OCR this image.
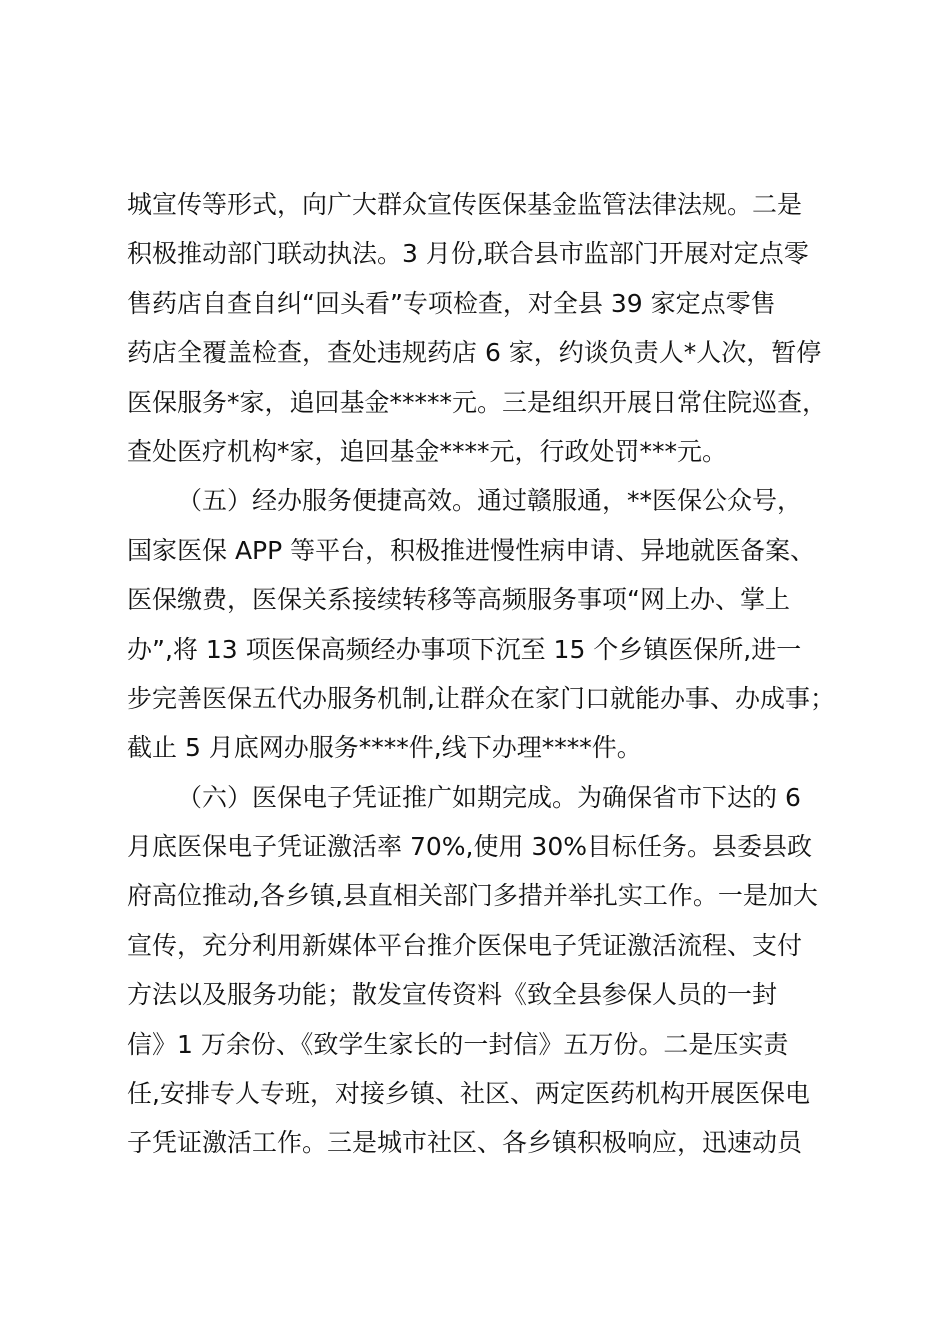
城宣传等形式，向广大群众宣传医保基金监管法律法规。二是
积极推动部门联动执法。3 月份,联合县市监部门开展对定点零
售药店自查自纠“回头看”专项检查，对全县 39 家定点零售
药店全覆盖检查，查处违规药店 6 家，约谈负责人*人次，暂停
医保服务*家，追回基金*****元。三是组织开展日常住院巡查，
查处医疗机构*家，追回基金****元，行政处罚***元。
（五）经办服务便捷高效。通过赣服通，**医保公众号，
国家医保 APP 等平台，积极推进慢性病申请、异地就医备案、
医保缴费，医保关系接续转移等高频服务事项“网上办、掌上
办”,将 13 项医保高频经办事项下沉至 15 个乡镇医保所,进一
步完善医保五代办服务机制,让群众在家门口就能办事、办成事；
截止 5 月底网办服务****件,线下办理****件。
（六）医保电子凭证推广如期完成。为确保省市下达的 6
月底医保电子凭证激活率 70%,使用 30%目标任务。县委县政
府高位推动,各乡镇,县直相关部门多措并举扎实工作。一是加大
宣传，充分利用新媒体平台推介医保电子凭证激活流程、支付
方法以及服务功能；散发宣传资料《致全县参保人员的一封
信》1 万余份、《致学生家长的一封信》五万份。二是压实责
任,安排专人专班，对接乡镇、社区、两定医药机构开展医保电
子凭证激活工作。三是城市社区、各乡镇积极响应，迅速动员
